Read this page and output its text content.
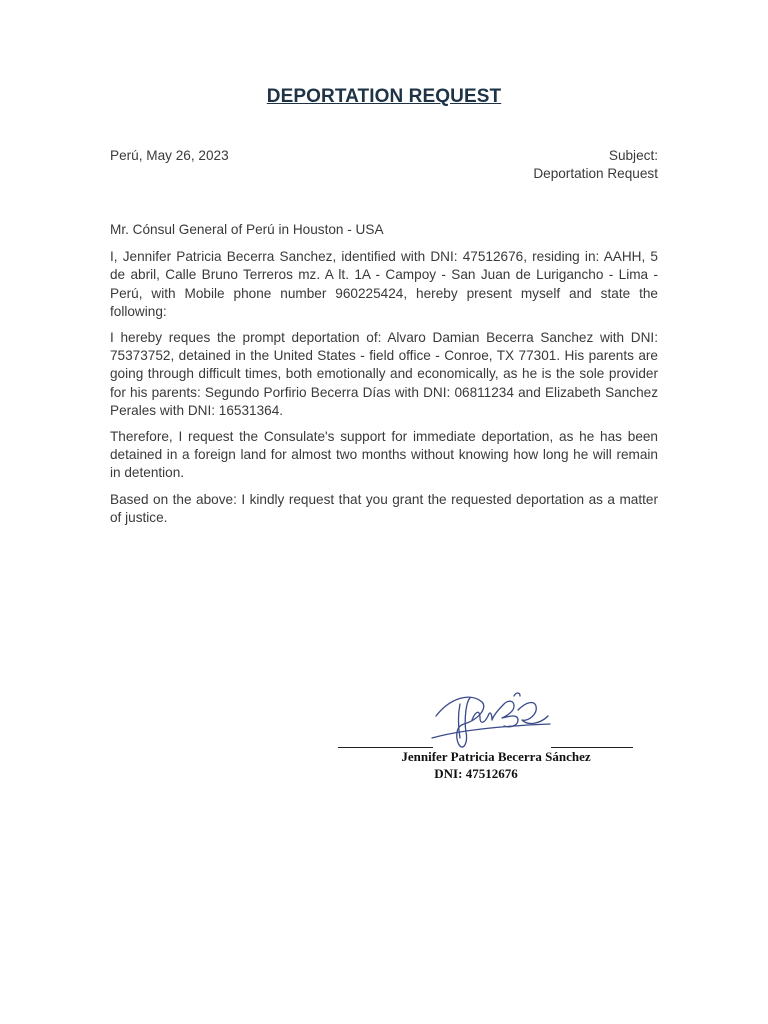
DEPORTATION REQUEST
Perú, May 26, 2023	Subject:
Deportation Request

Mr. Cónsul General of Perú in Houston - USA

I, Jennifer Patricia Becerra Sanchez, identified with DNI: 47512676, residing in: AAHH, 5 de abril, Calle Bruno Terreros mz. A lt. 1A - Campoy - San Juan de Lurigancho - Lima - Perú, with Mobile phone number 960225424, hereby present myself and state the following:

I hereby reques the prompt deportation of: Alvaro Damian Becerra Sanchez with DNI: 75373752, detained in the United States - field office - Conroe, TX 77301. His parents are going through difficult times, both emotionally and economically, as he is the sole provider for his parents: Segundo Porfirio Becerra Días with DNI: 06811234 and Elizabeth Sanchez Perales with DNI: 16531364.

Therefore, I request the Consulate's support for immediate deportation, as he has been detained in a foreign land for almost two months without knowing how long he will remain in detention.

Based on the above: I kindly request that you grant the requested deportation as a matter of justice.

Jennifer Patricia Becerra Sánchez
DNI: 47512676
